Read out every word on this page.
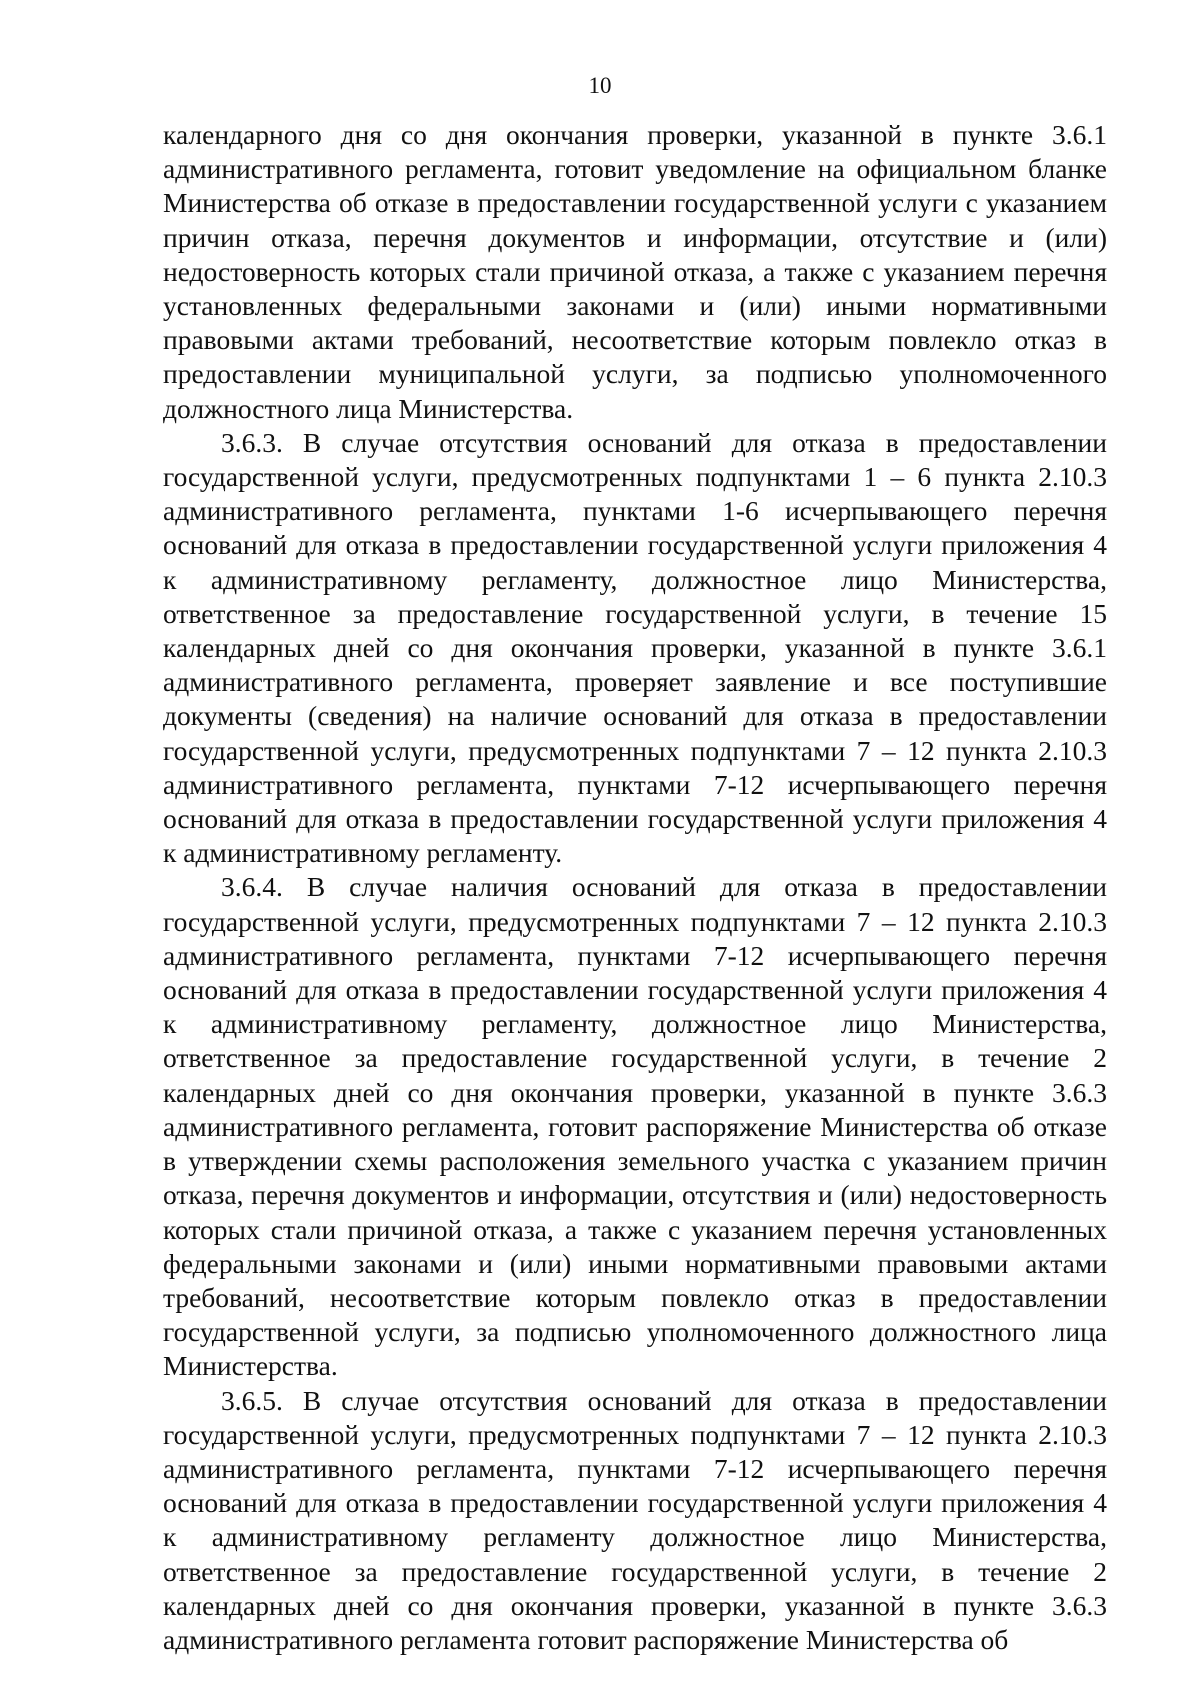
10

календарного дня со дня окончания проверки, указанной в пункте 3.6.1 административного регламента, готовит уведомление на официальном бланке Министерства об отказе в предоставлении государственной услуги с указанием причин отказа, перечня документов и информации, отсутствие и (или) недостоверность которых стали причиной отказа, а также с указанием перечня установленных федеральными законами и (или) иными нормативными правовыми актами требований, несоответствие которым повлекло отказ в предоставлении муниципальной услуги, за подписью уполномоченного должностного лица Министерства.

3.6.3. В случае отсутствия оснований для отказа в предоставлении государственной услуги, предусмотренных подпунктами 1 – 6 пункта 2.10.3 административного регламента, пунктами 1-6 исчерпывающего перечня оснований для отказа в предоставлении государственной услуги приложения 4 к административному регламенту, должностное лицо Министерства, ответственное за предоставление государственной услуги, в течение 15 календарных дней со дня окончания проверки, указанной в пункте 3.6.1 административного регламента, проверяет заявление и все поступившие документы (сведения) на наличие оснований для отказа в предоставлении государственной услуги, предусмотренных подпунктами 7 – 12 пункта 2.10.3 административного регламента, пунктами 7-12 исчерпывающего перечня оснований для отказа в предоставлении государственной услуги приложения 4 к административному регламенту.

3.6.4. В случае наличия оснований для отказа в предоставлении государственной услуги, предусмотренных подпунктами 7 – 12 пункта 2.10.3 административного регламента, пунктами 7-12 исчерпывающего перечня оснований для отказа в предоставлении государственной услуги приложения 4 к административному регламенту, должностное лицо Министерства, ответственное за предоставление государственной услуги, в течение 2 календарных дней со дня окончания проверки, указанной в пункте 3.6.3 административного регламента, готовит распоряжение Министерства об отказе в утверждении схемы расположения земельного участка с указанием причин отказа, перечня документов и информации, отсутствия и (или) недостоверность которых стали причиной отказа, а также с указанием перечня установленных федеральными законами и (или) иными нормативными правовыми актами требований, несоответствие которым повлекло отказ в предоставлении государственной услуги, за подписью уполномоченного должностного лица Министерства.

3.6.5. В случае отсутствия оснований для отказа в предоставлении государственной услуги, предусмотренных подпунктами 7 – 12 пункта 2.10.3 административного регламента, пунктами 7-12 исчерпывающего перечня оснований для отказа в предоставлении государственной услуги приложения 4 к административному регламенту должностное лицо Министерства, ответственное за предоставление государственной услуги, в течение 2 календарных дней со дня окончания проверки, указанной в пункте 3.6.3 административного регламента готовит распоряжение Министерства об
